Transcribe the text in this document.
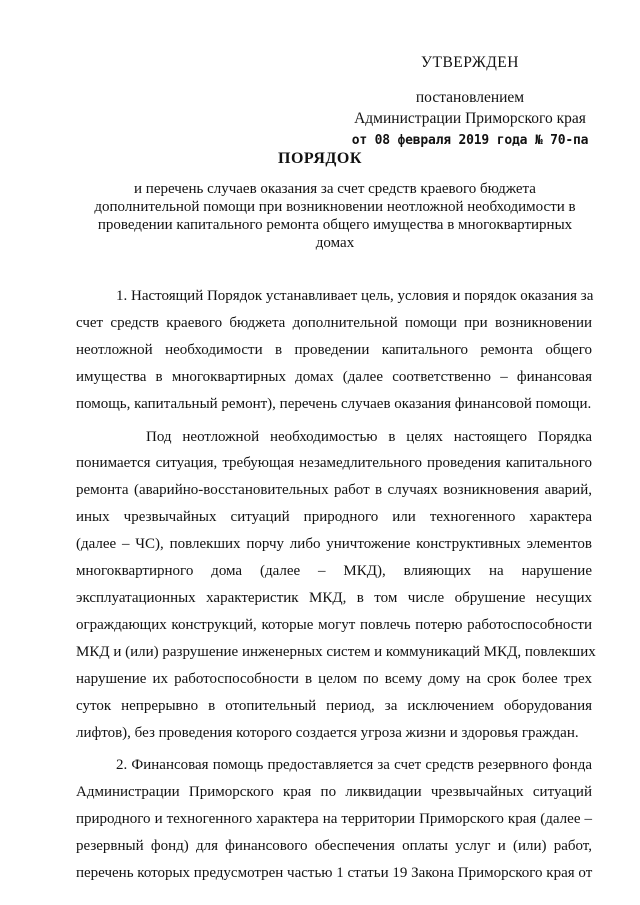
УТВЕРЖДЕН
постановлением
Администрации Приморского края
от 08 февраля 2019 года № 70-па
ПОРЯДОК
и перечень случаев оказания за счет средств краевого бюджета
дополнительной помощи при возникновении неотложной необходимости в
проведении капитального ремонта общего имущества в многоквартирных
домах
1. Настоящий Порядок устанавливает цель, условия и порядок оказания за
счет средств краевого бюджета дополнительной помощи при возникновении
неотложной необходимости в проведении капитального ремонта общего
имущества в многоквартирных домах (далее соответственно – финансовая
помощь, капитальный ремонт), перечень случаев оказания финансовой помощи.
Под неотложной необходимостью в целях настоящего Порядка
понимается ситуация, требующая незамедлительного проведения капитального
ремонта (аварийно-восстановительных работ в случаях возникновения аварий,
иных чрезвычайных ситуаций природного или техногенного характера
(далее – ЧС), повлекших порчу либо уничтожение конструктивных элементов
многоквартирного дома (далее – МКД), влияющих на нарушение
эксплуатационных характеристик МКД, в том числе обрушение несущих
ограждающих конструкций, которые могут повлечь потерю работоспособности
МКД и (или) разрушение инженерных систем и коммуникаций МКД, повлекших
нарушение их работоспособности в целом по всему дому на срок более трех
суток непрерывно в отопительный период, за исключением оборудования
лифтов), без проведения которого создается угроза жизни и здоровья граждан.
2. Финансовая помощь предоставляется за счет средств резервного фонда
Администрации Приморского края по ликвидации чрезвычайных ситуаций
природного и техногенного характера на территории Приморского края (далее –
резервный фонд) для финансового обеспечения оплаты услуг и (или) работ,
перечень которых предусмотрен частью 1 статьи 19 Закона Приморского края от
